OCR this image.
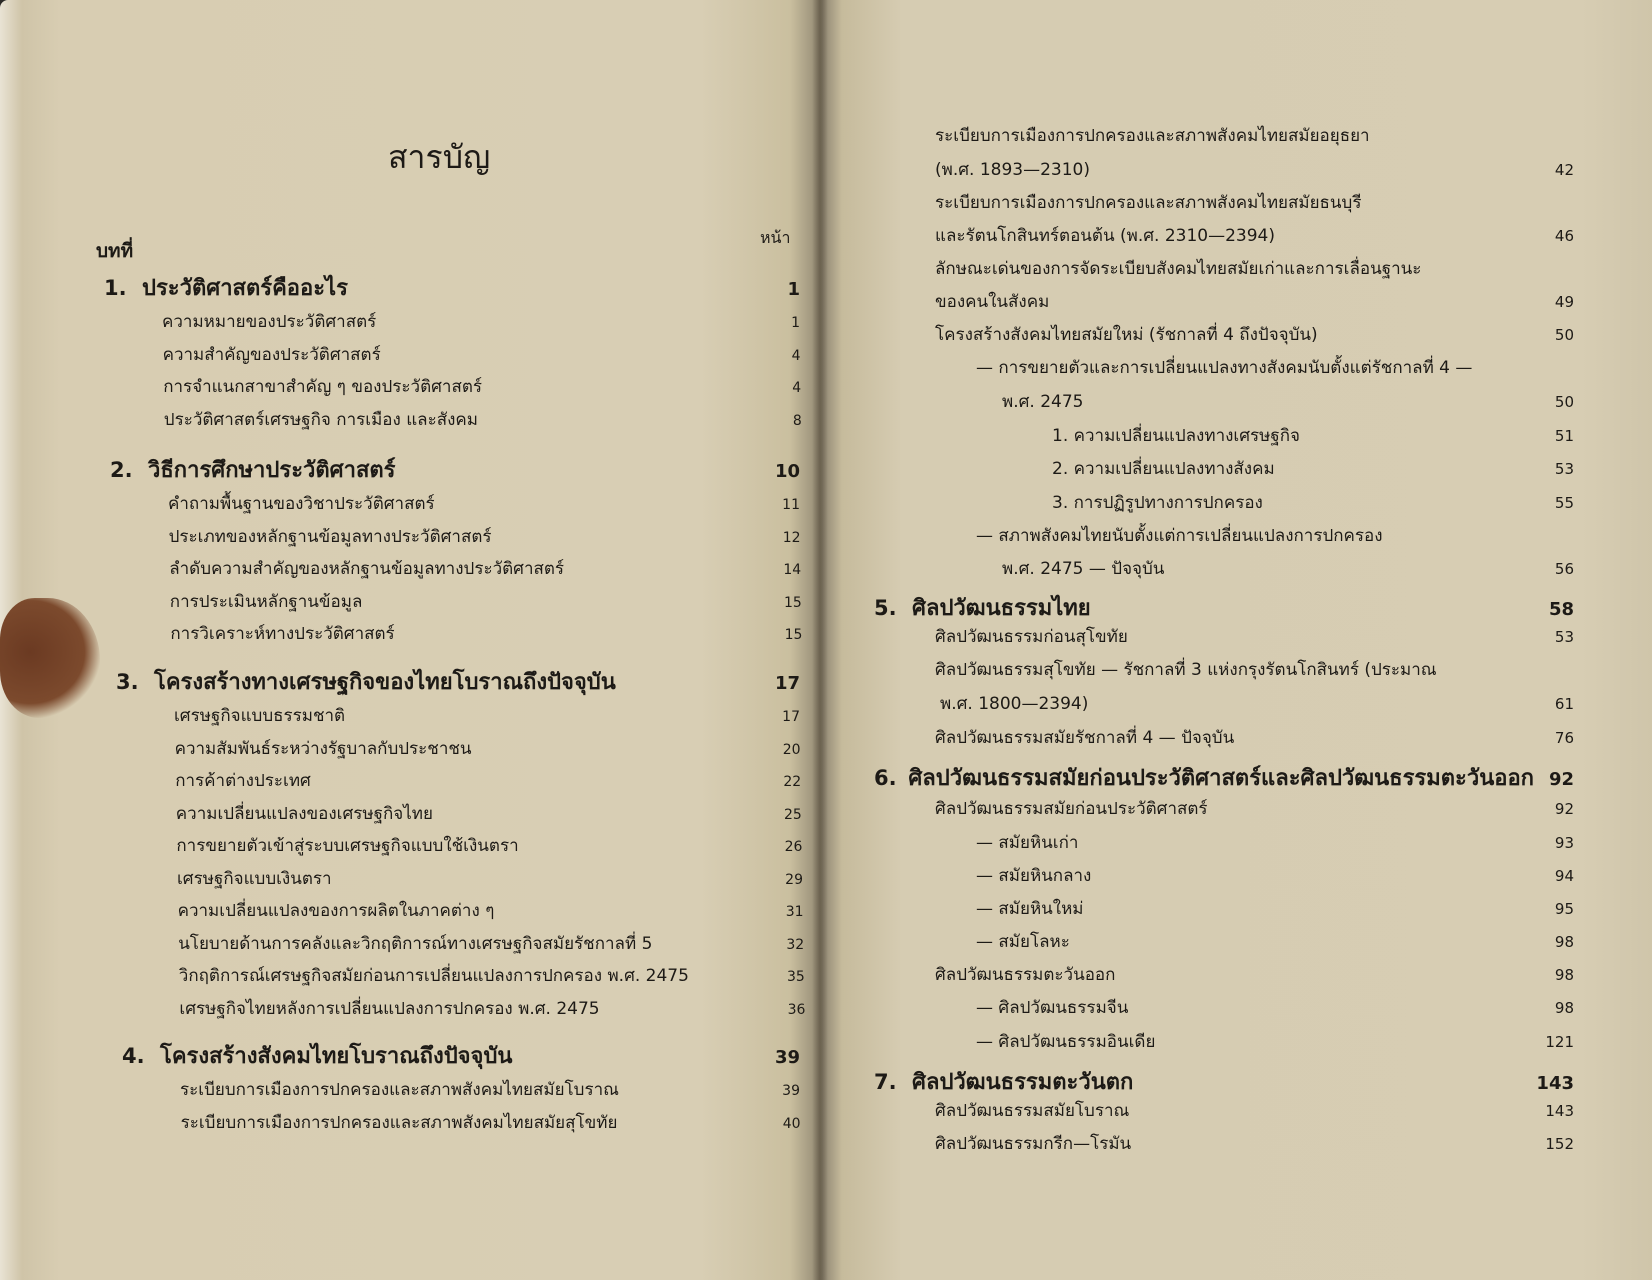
สารบัญ
บทที่
หน้า
1. ประวัติศาสตร์คืออะไร	1
ความหมายของประวัติศาสตร์	1
ความสำคัญของประวัติศาสตร์	4
การจำแนกสาขาสำคัญ ๆ ของประวัติศาสตร์	4
ประวัติศาสตร์เศรษฐกิจ การเมือง และสังคม	8
2. วิธีการศึกษาประวัติศาสตร์	10
คำถามพื้นฐานของวิชาประวัติศาสตร์	11
ประเภทของหลักฐานข้อมูลทางประวัติศาสตร์	12
ลำดับความสำคัญของหลักฐานข้อมูลทางประวัติศาสตร์	14
การประเมินหลักฐานข้อมูล	15
การวิเคราะห์ทางประวัติศาสตร์	15
3. โครงสร้างทางเศรษฐกิจของไทยโบราณถึงปัจจุบัน	17
เศรษฐกิจแบบธรรมชาติ	17
ความสัมพันธ์ระหว่างรัฐบาลกับประชาชน	20
การค้าต่างประเทศ	22
ความเปลี่ยนแปลงของเศรษฐกิจไทย	25
การขยายตัวเข้าสู่ระบบเศรษฐกิจแบบใช้เงินตรา	26
เศรษฐกิจแบบเงินตรา	29
ความเปลี่ยนแปลงของการผลิตในภาคต่าง ๆ	31
นโยบายด้านการคลังและวิกฤติการณ์ทางเศรษฐกิจสมัยรัชกาลที่ 5	32
วิกฤติการณ์เศรษฐกิจสมัยก่อนการเปลี่ยนแปลงการปกครอง พ.ศ. 2475	35
เศรษฐกิจไทยหลังการเปลี่ยนแปลงการปกครอง พ.ศ. 2475	36
4. โครงสร้างสังคมไทยโบราณถึงปัจจุบัน	39
ระเบียบการเมืองการปกครองและสภาพสังคมไทยสมัยโบราณ	39
ระเบียบการเมืองการปกครองและสภาพสังคมไทยสมัยสุโขทัย	40
ระเบียบการเมืองการปกครองและสภาพสังคมไทยสมัยอยุธยา
(พ.ศ. 1893—2310)	42
ระเบียบการเมืองการปกครองและสภาพสังคมไทยสมัยธนบุรี
และรัตนโกสินทร์ตอนต้น (พ.ศ. 2310—2394)	46
ลักษณะเด่นของการจัดระเบียบสังคมไทยสมัยเก่าและการเลื่อนฐานะ
ของคนในสังคม	49
โครงสร้างสังคมไทยสมัยใหม่ (รัชกาลที่ 4 ถึงปัจจุบัน)	50
— การขยายตัวและการเปลี่ยนแปลงทางสังคมนับตั้งแต่รัชกาลที่ 4 —
พ.ศ. 2475	50
1. ความเปลี่ยนแปลงทางเศรษฐกิจ	51
2. ความเปลี่ยนแปลงทางสังคม	53
3. การปฏิรูปทางการปกครอง	55
— สภาพสังคมไทยนับตั้งแต่การเปลี่ยนแปลงการปกครอง
พ.ศ. 2475 — ปัจจุบัน	56
5. ศิลปวัฒนธรรมไทย	58
ศิลปวัฒนธรรมก่อนสุโขทัย	53
ศิลปวัฒนธรรมสุโขทัย — รัชกาลที่ 3 แห่งกรุงรัตนโกสินทร์ (ประมาณ
พ.ศ. 1800—2394)	61
ศิลปวัฒนธรรมสมัยรัชกาลที่ 4 — ปัจจุบัน	76
6. ศิลปวัฒนธรรมสมัยก่อนประวัติศาสตร์และศิลปวัฒนธรรมตะวันออก 92
ศิลปวัฒนธรรมสมัยก่อนประวัติศาสตร์	92
— สมัยหินเก่า	93
— สมัยหินกลาง	94
— สมัยหินใหม่	95
— สมัยโลหะ	98
ศิลปวัฒนธรรมตะวันออก	98
— ศิลปวัฒนธรรมจีน	98
— ศิลปวัฒนธรรมอินเดีย	121
7. ศิลปวัฒนธรรมตะวันตก	143
ศิลปวัฒนธรรมสมัยโบราณ	143
ศิลปวัฒนธรรมกรีก—โรมัน	152
